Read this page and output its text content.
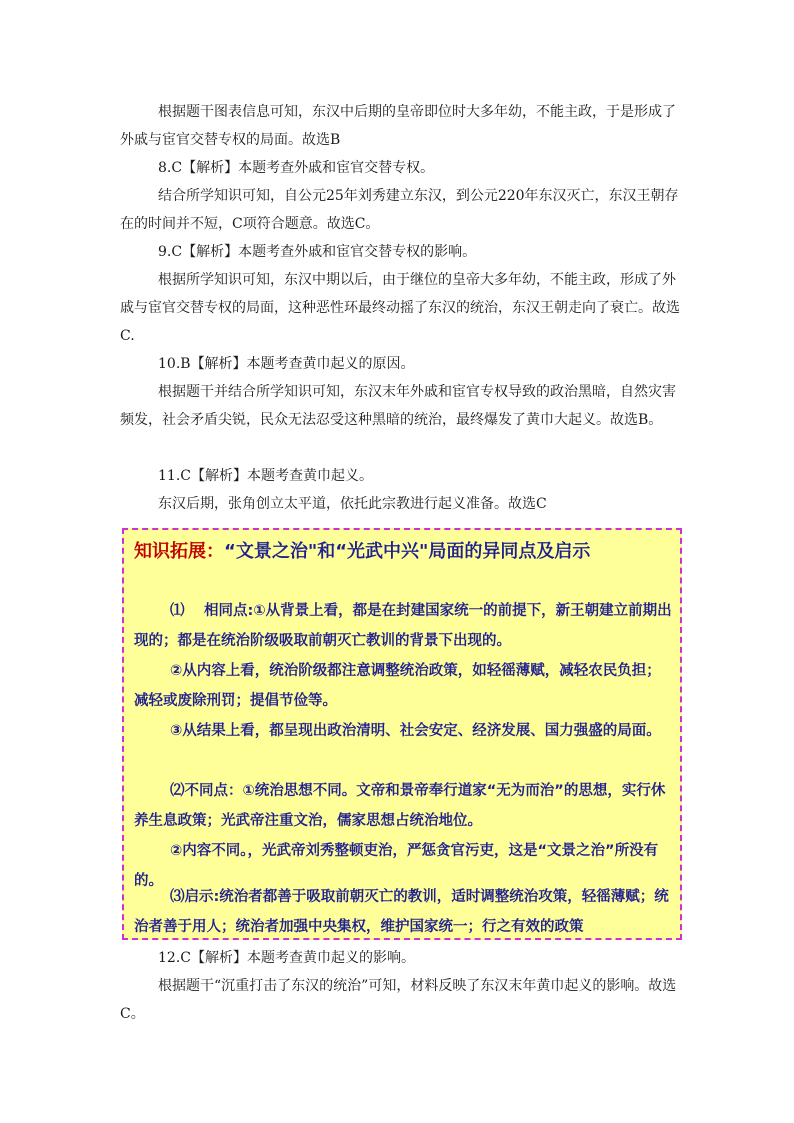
根据题干图表信息可知，东汉中后期的皇帝即位时大多年幼，不能主政，于是形成了外戚与宦官交替专权的局面。故选B

8.C【解析】本题考查外戚和宦官交替专权。

结合所学知识可知，自公元25年刘秀建立东汉，到公元220年东汉灭亡，东汉王朝存在的时间并不短，C项符合题意。故选C。

9.C【解析】本题考查外戚和宦官交替专权的影响。

根据所学知识可知，东汉中期以后，由于继位的皇帝大多年幼，不能主政，形成了外戚与宦官交替专权的局面，这种恶性环最终动摇了东汉的统治，东汉王朝走向了衰亡。故选C.

10.B【解析】本题考查黄巾起义的原因。

根据题干并结合所学知识可知，东汉末年外戚和宦官专权导致的政治黑暗，自然灾害频发，社会矛盾尖锐，民众无法忍受这种黑暗的统治，最终爆发了黄巾大起义。故选B。

11.C【解析】本题考查黄巾起义。

东汉后期，张角创立太平道，依托此宗教进行起义准备。故选C

知识拓展：“文景之治"和“光武中兴"局面的异同点及启示

⑴　 相同点:①从背景上看，都是在封建国家统一的前提下，新王朝建立前期出现的；都是在统治阶级吸取前朝灭亡教训的背景下出现的。

②从内容上看，统治阶级都注意调整统治政策，如轻徭薄赋，减轻农民负担；减轻或废除刑罚；提倡节俭等。

③从结果上看，都呈现出政治清明、社会安定、经济发展、国力强盛的局面。

⑵不同点：①统治思想不同。文帝和景帝奉行道家“无为而治”的思想，实行休养生息政策；光武帝注重文治，儒家思想占统治地位。

②内容不同。，光武帝刘秀整顿吏治，严惩贪官污吏，这是“文景之治”所没有的。

⑶启示:统治者都善于吸取前朝灭亡的教训，适时调整统治攻策，轻徭薄赋；统治者善于用人；统治者加强中央集权，维护国家统一；行之有效的政策

12.C【解析】本题考查黄巾起义的影响。

根据题干“沉重打击了东汉的统治”可知，材料反映了东汉末年黄巾起义的影响。故选C。
